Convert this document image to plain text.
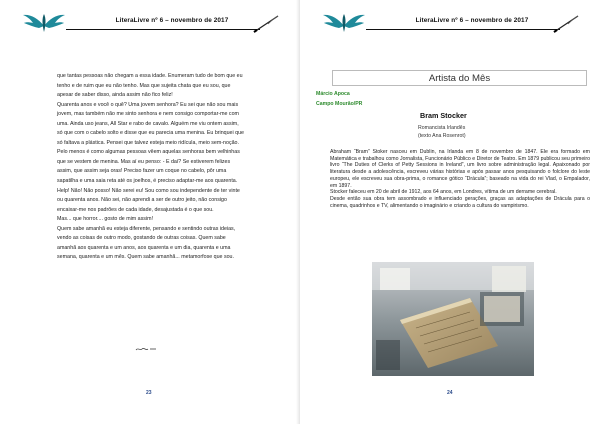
LiteraLivre nº 6 – novembro de 2017

que tantas pessoas não chegam a essa idade. Enumeram tudo de bom que eu

tenho e de ruim que eu não tenho. Mas que sujeita chata que eu sou, que

apesar de saber disso, ainda assim não fico feliz!

Quarenta anos e você o quê? Uma jovem senhora? Eu sei que não sou mais

jovem, mas também não me sinto senhora e nem consigo comportar-me com

uma. Ainda uso jeans, All Star e rabo de cavalo. Alguém me viu ontem assim,

só que com o cabelo solto e disse que eu parecia uma menina. Eu brinquei que

só faltava a plástica. Pensei que talvez esteja meio ridícula, meio sem-noção.

Pelo menos é como algumas pessoas vêem aquelas senhoras bem velhinhas

que se vestem de menina. Mas aí eu penso: - E daí? Se estiverem felizes

assim, que assim seja oras! Preciso fazer um coque no cabelo, pôr uma

sapatilha e uma saia reta até os joelhos, é preciso adaptar-me aos quarenta.

Help! Não! Não posso! Não serei eu! Sou como sou independente de ter vinte

ou quarenta anos. Não sei, não aprendi a ser de outro jeito, não consigo

encaixar-me nos padrões de cada idade, desajustada é o que sou.

Mas... que horror.... gosto de mim assim!

Quem sabe amanhã eu esteja diferente, pensando e sentindo outras ideias,

vendo as coisas de outro modo, gostando de outras coisas. Quem sabe

amanhã aos quarenta e um anos, aos quarenta e um dia, quarenta e uma

semana, quarenta e um mês. Quem sabe amanhã... metamorfose que sou.

23
LiteraLivre nº 6 – novembro de 2017
Artista do Mês
Márcio Apoca
Campo Mourão/PR
Bram Stocker
Romancista Irlandês
(texto Ana Rosenrot)

Abraham “Bram” Stoker nasceu em Dublin, na Irlanda em 8 de novembro de 1847. Ele era formado em Matemática e trabalhou como Jornalista, Funcionário Público e Diretor de Teatro. Em 1879 publicou seu primeiro livro “The Duties of Clerks of Petty Sessions in Ireland”, um livro sobre administração legal. Apaixonado por literatura desde a adolescência, escreveu várias histórias e após passar anos pesquisando o folclore do leste europeu, ele escreveu sua obra-prima, o romance gótico “Drácula”; baseado na vida do rei Vlad, o Empalador, em 1897.

Stocker faleceu em 20 de abril de 1912, aos 64 anos, em Londres, vítima de um derrame cerebral.

Desde então sua obra tem assombrado e influenciado gerações, graças as adaptações de Drácula para o cinema, quadrinhos e TV, alimentando o imaginário e criando a cultura do vampirismo.

24
